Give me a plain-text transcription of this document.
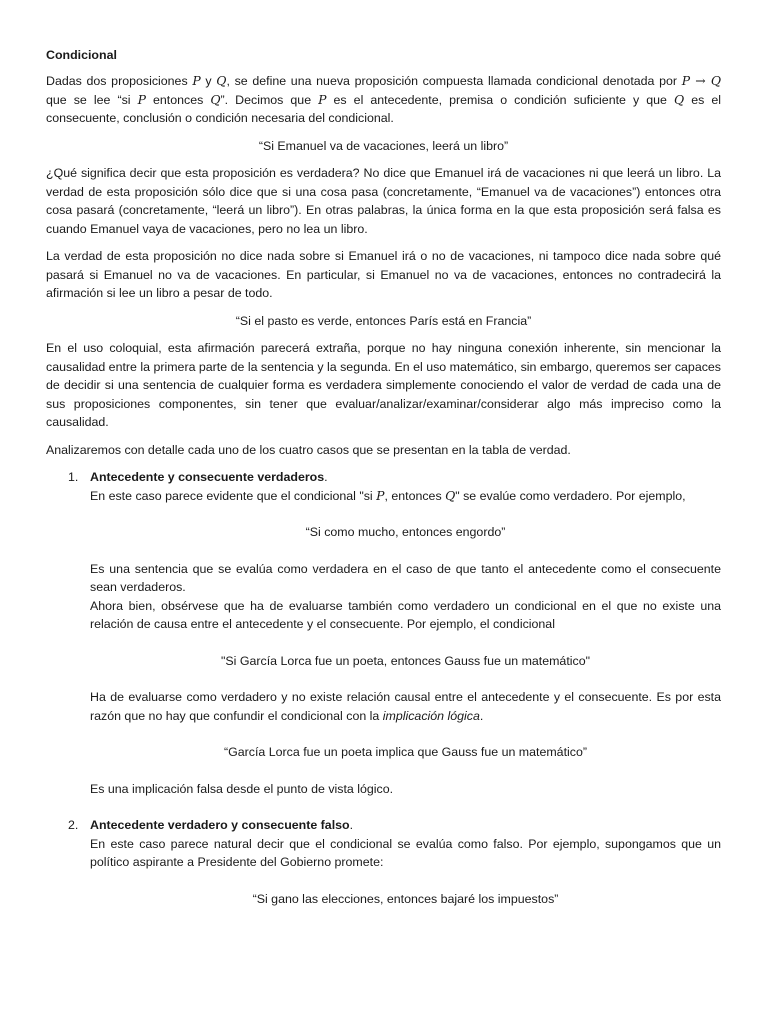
Condicional

Dadas dos proposiciones P y Q, se define una nueva proposición compuesta llamada condicional denotada por P → Q que se lee “si P entonces Q”. Decimos que P es el antecedente, premisa o condición suficiente y que Q es el consecuente, conclusión o condición necesaria del condicional.

“Si Emanuel va de vacaciones, leerá un libro”

¿Qué significa decir que esta proposición es verdadera? No dice que Emanuel irá de vacaciones ni que leerá un libro. La verdad de esta proposición sólo dice que si una cosa pasa (concretamente, “Emanuel va de vacaciones”) entonces otra cosa pasará (concretamente, “leerá un libro”). En otras palabras, la única forma en la que esta proposición será falsa es cuando Emanuel vaya de vacaciones, pero no lea un libro.

La verdad de esta proposición no dice nada sobre si Emanuel irá o no de vacaciones, ni tampoco dice nada sobre qué pasará si Emanuel no va de vacaciones. En particular, si Emanuel no va de vacaciones, entonces no contradecirá la afirmación si lee un libro a pesar de todo.

“Si el pasto es verde, entonces París está en Francia”

En el uso coloquial, esta afirmación parecerá extraña, porque no hay ninguna conexión inherente, sin mencionar la causalidad entre la primera parte de la sentencia y la segunda. En el uso matemático, sin embargo, queremos ser capaces de decidir si una sentencia de cualquier forma es verdadera simplemente conociendo el valor de verdad de cada una de sus proposiciones componentes, sin tener que evaluar/analizar/examinar/considerar algo más impreciso como la causalidad.

Analizaremos con detalle cada uno de los cuatro casos que se presentan en la tabla de verdad.

1. Antecedente y consecuente verdaderos.

En este caso parece evidente que el condicional "si P, entonces Q" se evalúe como verdadero. Por ejemplo,

“Si como mucho, entonces engordo”

Es una sentencia que se evalúa como verdadera en el caso de que tanto el antecedente como el consecuente sean verdaderos.

Ahora bien, obsérvese que ha de evaluarse también como verdadero un condicional en el que no existe una relación de causa entre el antecedente y el consecuente. Por ejemplo, el condicional

"Si García Lorca fue un poeta, entonces Gauss fue un matemático"

Ha de evaluarse como verdadero y no existe relación causal entre el antecedente y el consecuente. Es por esta razón que no hay que confundir el condicional con la implicación lógica.

“García Lorca fue un poeta implica que Gauss fue un matemático”

Es una implicación falsa desde el punto de vista lógico.

2. Antecedente verdadero y consecuente falso.

En este caso parece natural decir que el condicional se evalúa como falso. Por ejemplo, supongamos que un político aspirante a Presidente del Gobierno promete:

“Si gano las elecciones, entonces bajaré los impuestos”
